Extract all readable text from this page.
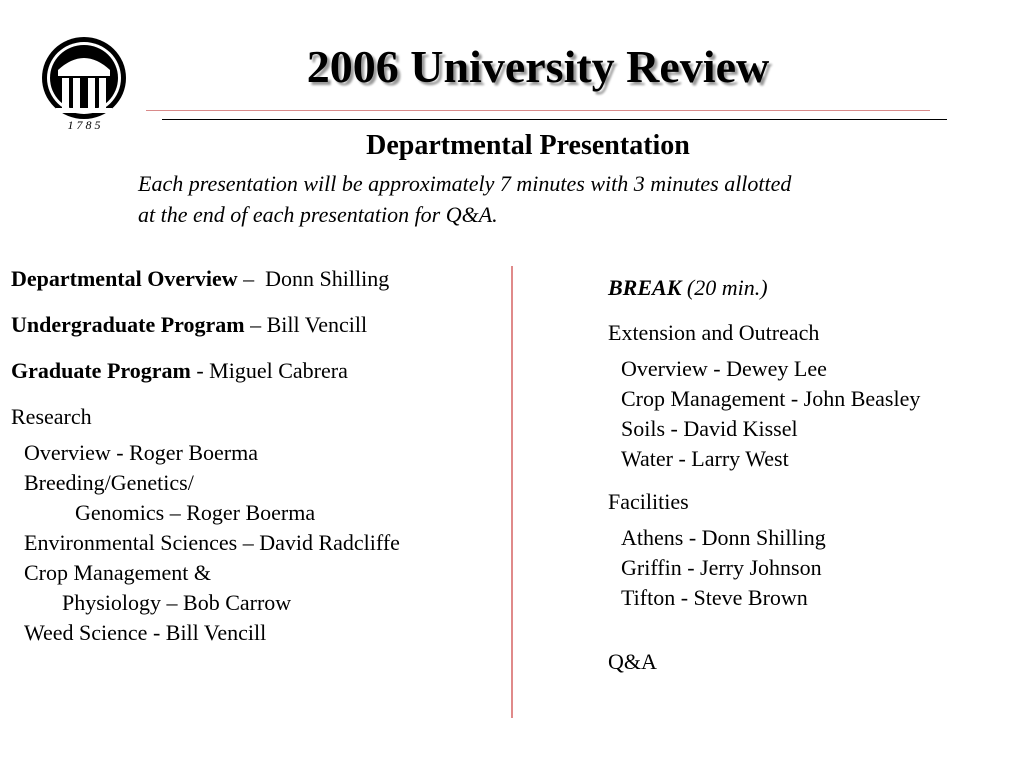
1 7 8 5
2006 University Review
Departmental Presentation
Each presentation will be approximately 7 minutes with 3 minutes allotted
at the end of each presentation for Q&A.
Departmental Overview –  Donn Shilling
Undergraduate Program – Bill Vencill
Graduate Program - Miguel Cabrera
Research
Overview - Roger Boerma
Breeding/Genetics/
Genomics – Roger Boerma
Environmental Sciences – David Radcliffe
Crop Management &
Physiology – Bob Carrow
Weed Science - Bill Vencill
BREAK (20 min.)
Extension and Outreach
Overview - Dewey Lee
Crop Management - John Beasley
Soils - David Kissel
Water - Larry West
Facilities
Athens - Donn Shilling
Griffin - Jerry Johnson
Tifton - Steve Brown
Q&A
